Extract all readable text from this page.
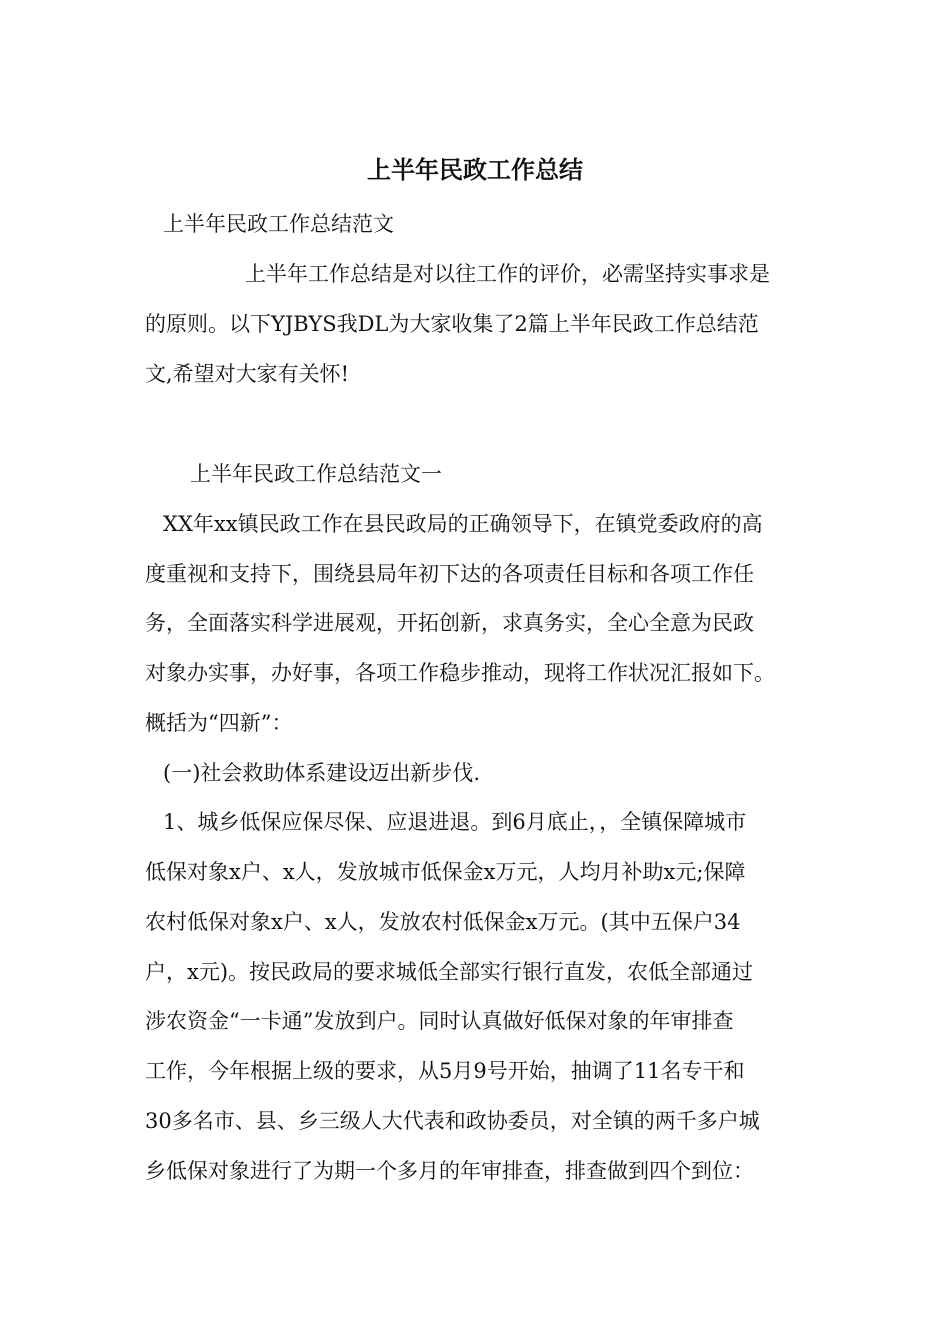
上半年民政工作总结

上半年民政工作总结范文

上半年工作总结是对以往工作的评价，必需坚持实事求是

的原则。以下YJBYS我DL为大家收集了2篇上半年民政工作总结范

文,希望对大家有关怀!

上半年民政工作总结范文一

XX年xx镇民政工作在县民政局的正确领导下，在镇党委政府的高

度重视和支持下，围绕县局年初下达的各项责任目标和各项工作任

务，全面落实科学进展观，开拓创新，求真务实，全心全意为民政

对象办实事，办好事，各项工作稳步推动，现将工作状况汇报如下。

概括为“四新”：

(一)社会救助体系建设迈出新步伐.

1、城乡低保应保尽保、应退进退。到6月底止，，全镇保障城市

低保对象x户、x人，发放城市低保金x万元，人均月补助x元;保障

农村低保对象x户、x人，发放农村低保金x万元。(其中五保户34

户，x元)。按民政局的要求城低全部实行银行直发，农低全部通过

涉农资金“一卡通”发放到户。同时认真做好低保对象的年审排查

工作，今年根据上级的要求，从5月9号开始，抽调了11名专干和

30多名市、县、乡三级人大代表和政协委员，对全镇的两千多户城

乡低保对象进行了为期一个多月的年审排查，排查做到四个到位：
